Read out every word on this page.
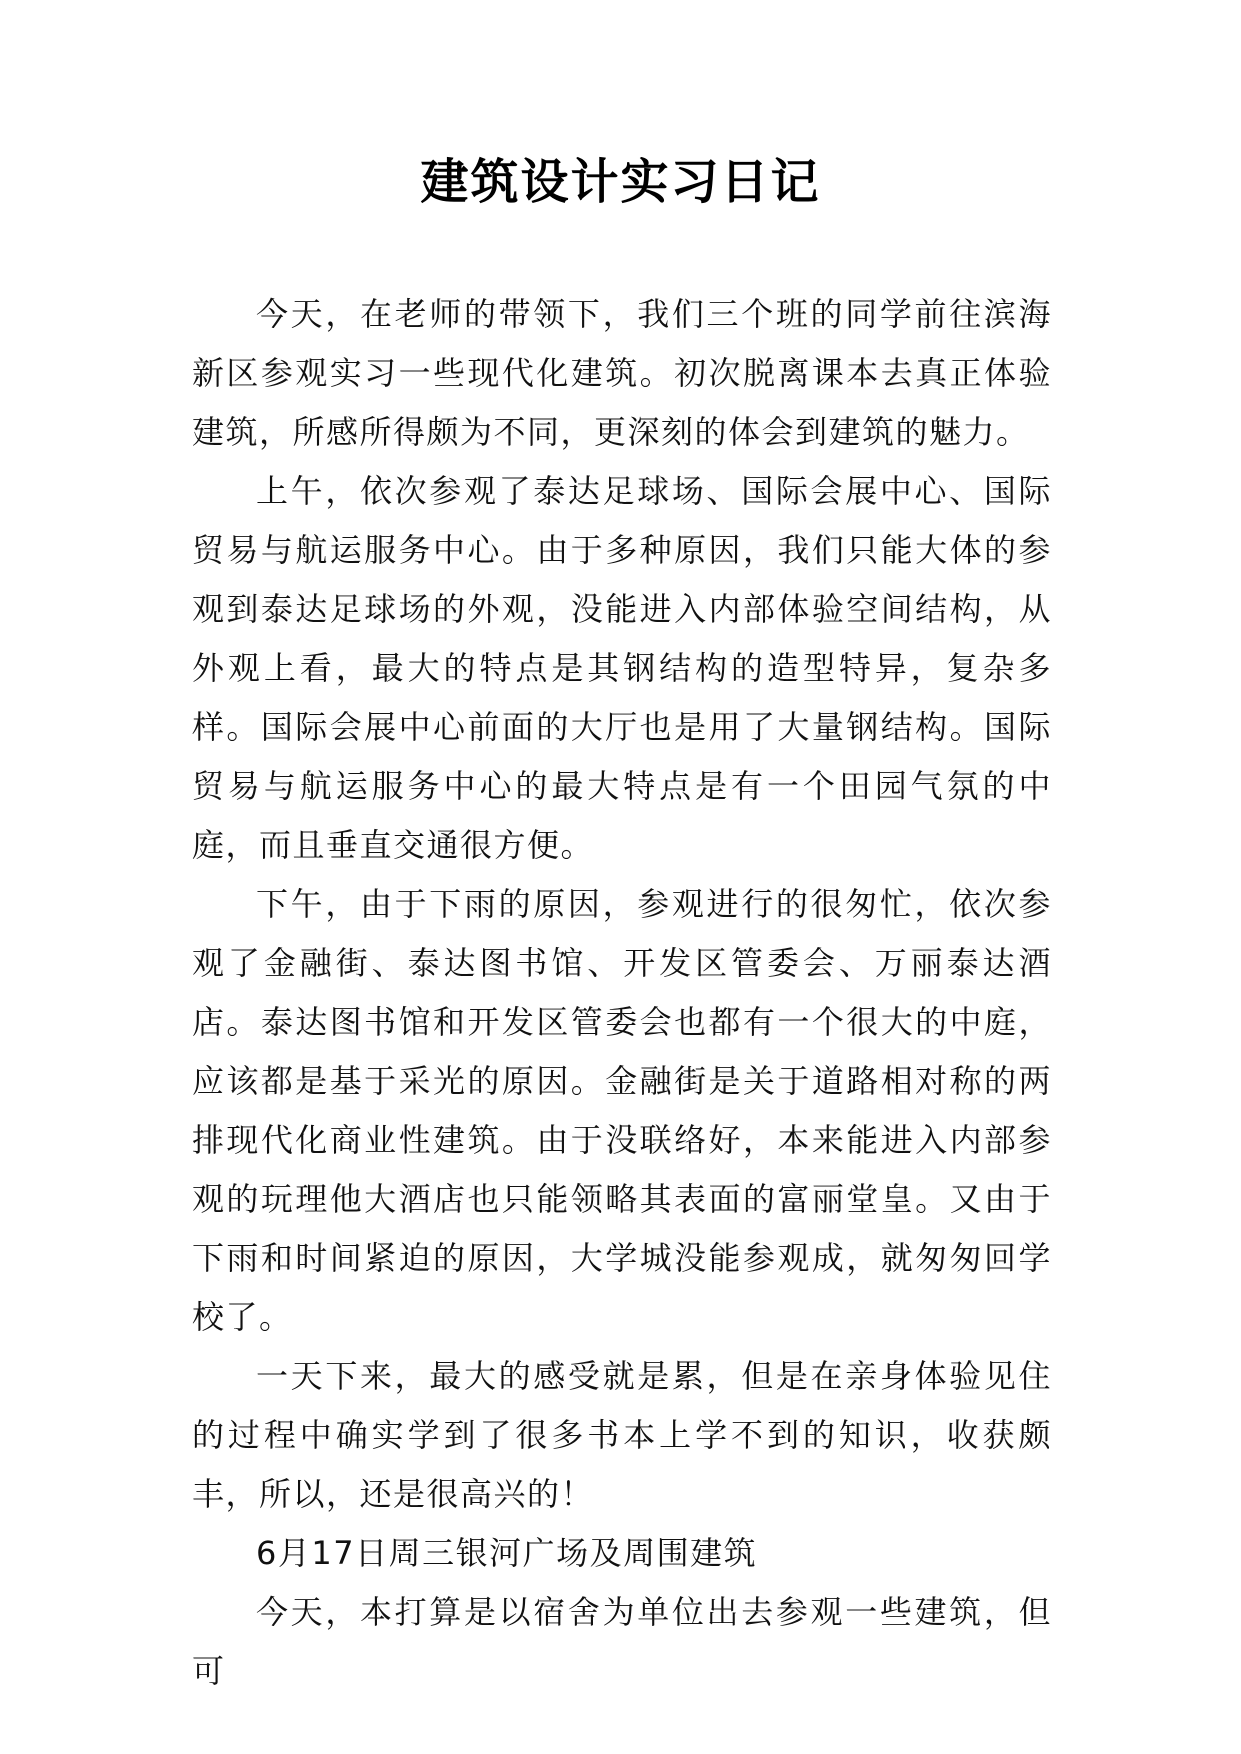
建筑设计实习日记

今天，在老师的带领下，我们三个班的同学前往滨海新区参观实习一些现代化建筑。初次脱离课本去真正体验建筑，所感所得颇为不同，更深刻的体会到建筑的魅力。

上午，依次参观了泰达足球场、国际会展中心、国际贸易与航运服务中心。由于多种原因，我们只能大体的参观到泰达足球场的外观，没能进入内部体验空间结构，从外观上看，最大的特点是其钢结构的造型特异，复杂多样。国际会展中心前面的大厅也是用了大量钢结构。国际贸易与航运服务中心的最大特点是有一个田园气氛的中庭，而且垂直交通很方便。

下午，由于下雨的原因，参观进行的很匆忙，依次参观了金融街、泰达图书馆、开发区管委会、万丽泰达酒店。泰达图书馆和开发区管委会也都有一个很大的中庭，应该都是基于采光的原因。金融街是关于道路相对称的两排现代化商业性建筑。由于没联络好，本来能进入内部参观的玩理他大酒店也只能领略其表面的富丽堂皇。又由于下雨和时间紧迫的原因，大学城没能参观成，就匆匆回学校了。

一天下来，最大的感受就是累，但是在亲身体验见住的过程中确实学到了很多书本上学不到的知识，收获颇丰，所以，还是很高兴的！

6月17日周三银河广场及周围建筑

今天，本打算是以宿舍为单位出去参观一些建筑，但可
